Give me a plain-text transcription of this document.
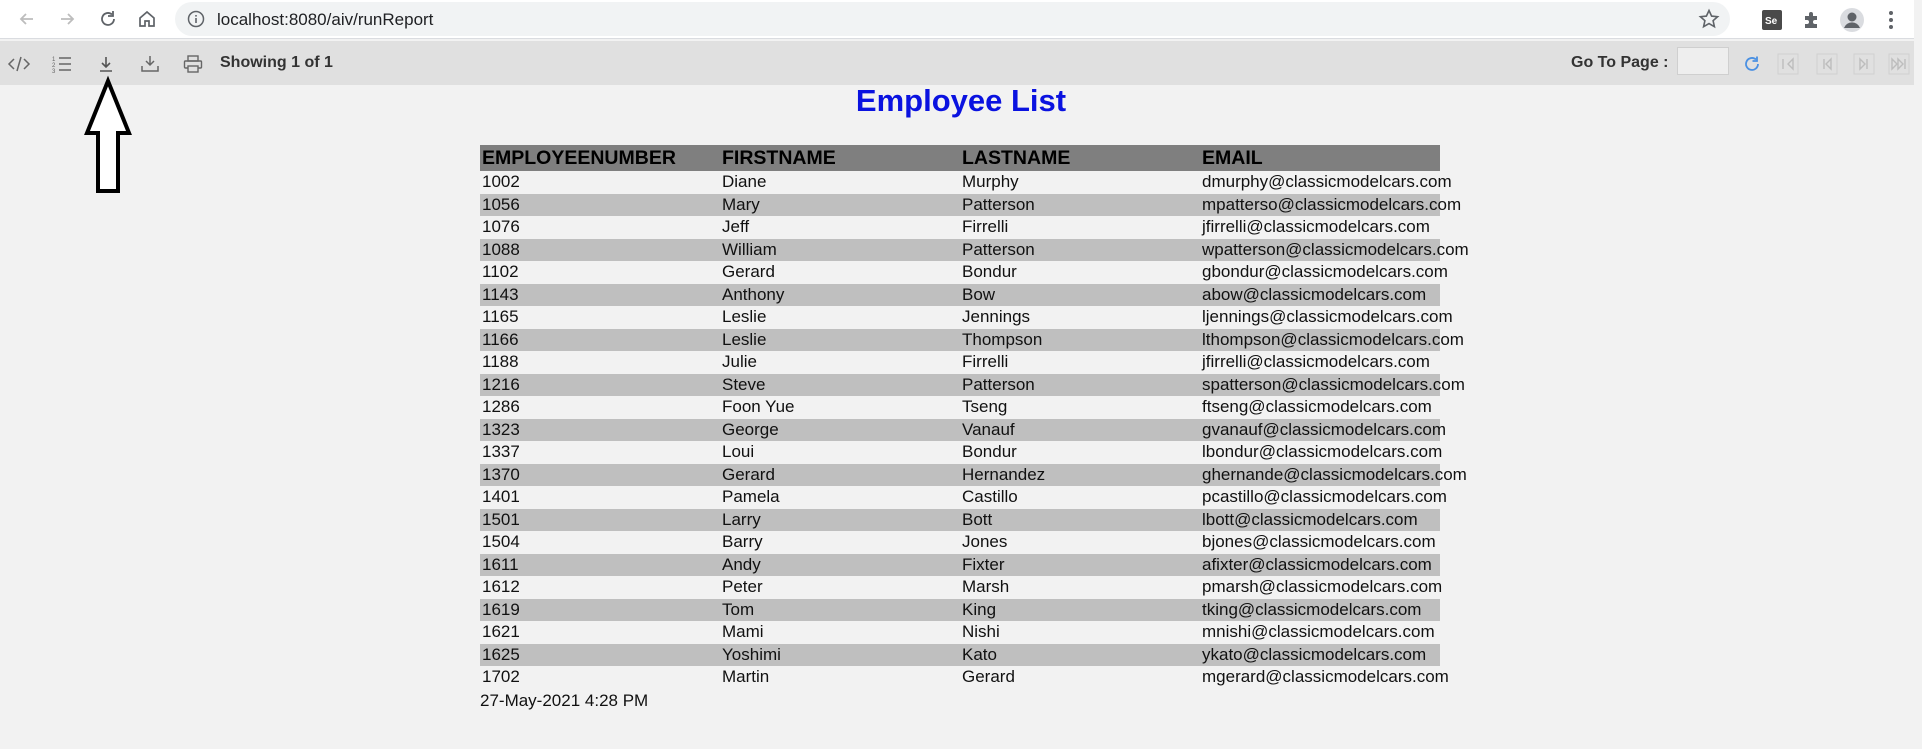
localhost:8080/aiv/runReport	Se
1
2
3
Showing 1 of 1	Go To Page :
Employee List
EMPLOYEENUMBER	FIRSTNAME	LASTNAME	EMAIL
1002	Diane	Murphy	dmurphy@classicmodelcars.com
1056	Mary	Patterson	mpatterso@classicmodelcars.com
1076	Jeff	Firrelli	jfirrelli@classicmodelcars.com
1088	William	Patterson	wpatterson@classicmodelcars.com
1102	Gerard	Bondur	gbondur@classicmodelcars.com
1143	Anthony	Bow	abow@classicmodelcars.com
1165	Leslie	Jennings	ljennings@classicmodelcars.com
1166	Leslie	Thompson	lthompson@classicmodelcars.com
1188	Julie	Firrelli	jfirrelli@classicmodelcars.com
1216	Steve	Patterson	spatterson@classicmodelcars.com
1286	Foon Yue	Tseng	ftseng@classicmodelcars.com
1323	George	Vanauf	gvanauf@classicmodelcars.com
1337	Loui	Bondur	lbondur@classicmodelcars.com
1370	Gerard	Hernandez	ghernande@classicmodelcars.com
1401	Pamela	Castillo	pcastillo@classicmodelcars.com
1501	Larry	Bott	lbott@classicmodelcars.com
1504	Barry	Jones	bjones@classicmodelcars.com
1611	Andy	Fixter	afixter@classicmodelcars.com
1612	Peter	Marsh	pmarsh@classicmodelcars.com
1619	Tom	King	tking@classicmodelcars.com
1621	Mami	Nishi	mnishi@classicmodelcars.com
1625	Yoshimi	Kato	ykato@classicmodelcars.com
1702	Martin	Gerard	mgerard@classicmodelcars.com
27-May-2021 4:28 PM
